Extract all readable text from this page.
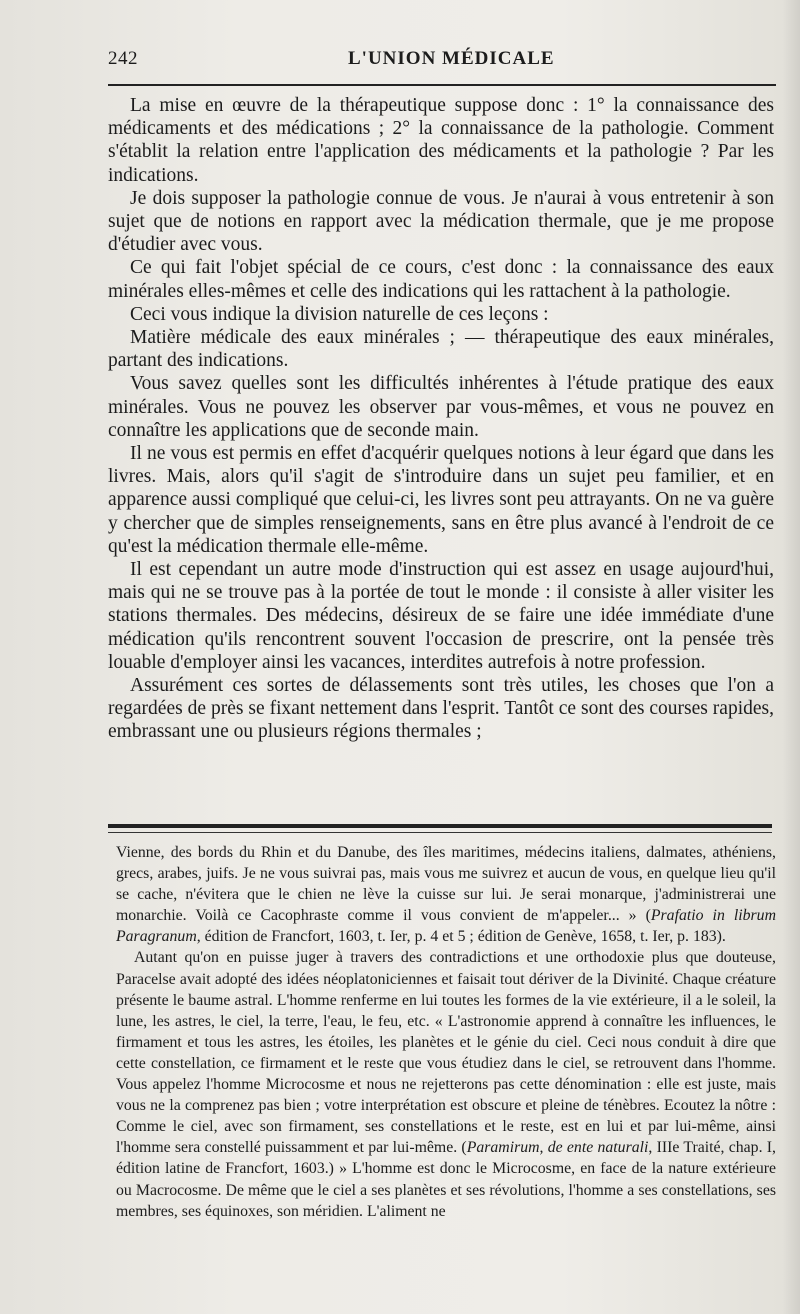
242	L'UNION MÉDICALE

La mise en œuvre de la thérapeutique suppose donc : 1° la connaissance des médicaments et des médications ; 2° la connaissance de la pathologie. Comment s'établit la relation entre l'application des médicaments et la pathologie ? Par les indications.

Je dois supposer la pathologie connue de vous. Je n'aurai à vous entretenir à son sujet que de notions en rapport avec la médication thermale, que je me propose d'étudier avec vous.

Ce qui fait l'objet spécial de ce cours, c'est donc : la connaissance des eaux minérales elles-mêmes et celle des indications qui les rattachent à la pathologie.

Ceci vous indique la division naturelle de ces leçons :

Matière médicale des eaux minérales ; — thérapeutique des eaux minérales, partant des indications.

Vous savez quelles sont les difficultés inhérentes à l'étude pratique des eaux minérales. Vous ne pouvez les observer par vous-mêmes, et vous ne pouvez en connaître les applications que de seconde main.

Il ne vous est permis en effet d'acquérir quelques notions à leur égard que dans les livres. Mais, alors qu'il s'agit de s'introduire dans un sujet peu familier, et en apparence aussi compliqué que celui-ci, les livres sont peu attrayants. On ne va guère y chercher que de simples renseignements, sans en être plus avancé à l'endroit de ce qu'est la médication thermale elle-même.

Il est cependant un autre mode d'instruction qui est assez en usage aujourd'hui, mais qui ne se trouve pas à la portée de tout le monde : il consiste à aller visiter les stations thermales. Des médecins, désireux de se faire une idée immédiate d'une médication qu'ils rencontrent souvent l'occasion de prescrire, ont la pensée très louable d'employer ainsi les vacances, interdites autrefois à notre profession.

Assurément ces sortes de délassements sont très utiles, les choses que l'on a regardées de près se fixant nettement dans l'esprit. Tantôt ce sont des courses rapides, embrassant une ou plusieurs régions thermales ;

Vienne, des bords du Rhin et du Danube, des îles maritimes, médecins italiens, dalmates, athéniens, grecs, arabes, juifs. Je ne vous suivrai pas, mais vous me suivrez et aucun de vous, en quelque lieu qu'il se cache, n'évitera que le chien ne lève la cuisse sur lui. Je serai monarque, j'administrerai une monarchie. Voilà ce Cacophraste comme il vous convient de m'appeler... » (Prafatio in librum Paragranum, édition de Francfort, 1603, t. Ier, p. 4 et 5 ; édition de Genève, 1658, t. Ier, p. 183).

Autant qu'on en puisse juger à travers des contradictions et une orthodoxie plus que douteuse, Paracelse avait adopté des idées néoplatoniciennes et faisait tout dériver de la Divinité. Chaque créature présente le baume astral. L'homme renferme en lui toutes les formes de la vie extérieure, il a le soleil, la lune, les astres, le ciel, la terre, l'eau, le feu, etc. « L'astronomie apprend à connaître les influences, le firmament et tous les astres, les étoiles, les planètes et le génie du ciel. Ceci nous conduit à dire que cette constellation, ce firmament et le reste que vous étudiez dans le ciel, se retrouvent dans l'homme. Vous appelez l'homme Microcosme et nous ne rejetterons pas cette dénomination : elle est juste, mais vous ne la comprenez pas bien ; votre interprétation est obscure et pleine de ténèbres. Ecoutez la nôtre : Comme le ciel, avec son firmament, ses constellations et le reste, est en lui et par lui-même, ainsi l'homme sera constellé puissamment et par lui-même. (Paramirum, de ente naturali, IIIe Traité, chap. I, édition latine de Francfort, 1603.) » L'homme est donc le Microcosme, en face de la nature extérieure ou Macrocosme. De même que le ciel a ses planètes et ses révolutions, l'homme a ses constellations, ses membres, ses équinoxes, son méridien. L'aliment ne
